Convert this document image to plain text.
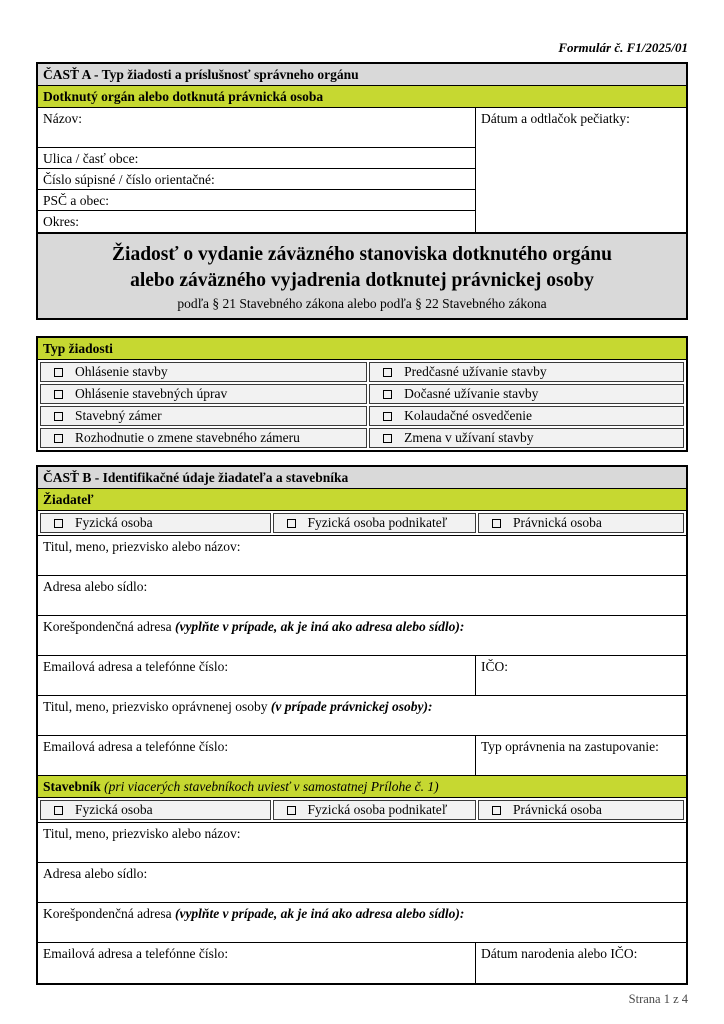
Formulár č. F1/2025/01
ČASŤ A - Typ žiadosti a príslušnosť správneho orgánu
Dotknutý orgán alebo dotknutá právnická osoba
Názov:
Ulica / časť obce:
Číslo súpisné / číslo orientačné:
PSČ a obec:
Okres:
Dátum a odtlačok pečiatky:
Žiadosť o vydanie záväzného stanoviska dotknutého orgánu
alebo záväzného vyjadrenia dotknutej právnickej osoby
podľa § 21 Stavebného zákona alebo podľa § 22 Stavebného zákona
Typ žiadosti
Ohlásenie stavby	Predčasné užívanie stavby
Ohlásenie stavebných úprav	Dočasné užívanie stavby
Stavebný zámer	Kolaudačné osvedčenie
Rozhodnutie o zmene stavebného zámeru	Zmena v užívaní stavby
ČASŤ B - Identifikačné údaje žiadateľa a stavebníka
Žiadateľ
Fyzická osoba	Fyzická osoba podnikateľ	Právnická osoba
Titul, meno, priezvisko alebo názov:
Adresa alebo sídlo:
Korešpondenčná adresa (vyplňte v prípade, ak je iná ako adresa alebo sídlo):
Emailová adresa a telefónne číslo:	IČO:
Titul, meno, priezvisko oprávnenej osoby (v prípade právnickej osoby):
Emailová adresa a telefónne číslo:	Typ oprávnenia na zastupovanie:
Stavebník (pri viacerých stavebníkoch uviesť v samostatnej Prílohe č. 1)
Fyzická osoba	Fyzická osoba podnikateľ	Právnická osoba
Titul, meno, priezvisko alebo názov:
Adresa alebo sídlo:
Korešpondenčná adresa (vyplňte v prípade, ak je iná ako adresa alebo sídlo):
Emailová adresa a telefónne číslo:	Dátum narodenia alebo IČO:
Strana 1 z 4
